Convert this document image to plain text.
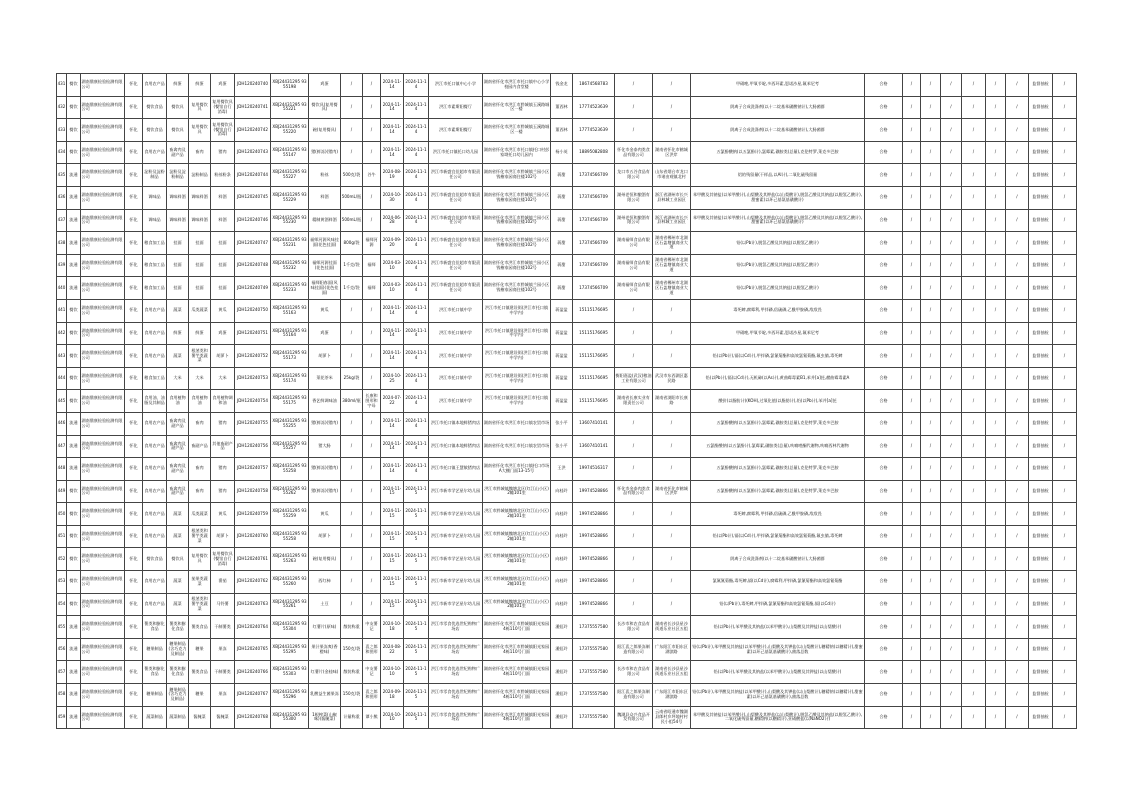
431	餐饮	湖南鼎康检验检测有限公司	怀化	食用农产品	鲜蛋	鲜蛋	鸡蛋	JDH120240740	XBJ24431295 9355198	鸡蛋	/	/	2024-11-14	2024-11-14	洪江市托口镇中心小学	湖南省怀化市洪江市托口镇中心小学校园内食堂楼	钱金龙	18674568783	/	/	甲硝唑,甲氧苄啶,多西环素,恩诺沙星,氟苯尼考	合格	/	/	/	/	/	/	监督抽检	/
432	餐饮	湖南鼎康检验检测有限公司	怀化	餐饮食品	餐饮具	复用餐饮具	复用餐饮具(餐馆自行消毒)	JDH120240741	XBJ24431295 9355221	餐饮具(复用餐具)	/	/	2024-11-14	2024-11-14	洪江市素斯阳餐厅	湖南省怀化市洪江市黔城镇玉溪路城区一楼	董西林	17774523639	/	/	阴离子合成洗涤剂(以十二烷基苯磺酸钠计),大肠菌群	合格	/	/	/	/	/	/	监督抽检	/
433	餐饮	湖南鼎康检验检测有限公司	怀化	餐饮食品	餐饮具	复用餐饮具	复用餐饮具(餐馆自行消毒)	JDH120240742	XBJ24431295 9355220	碗(复用餐具)	/	/	2024-11-14	2024-11-14	洪江市素斯阳餐厅	湖南省怀化市洪江市黔城镇玉溪路城区一楼	董西林	17774523639	/	/	阴离子合成洗涤剂(以十二烷基苯磺酸钠计),大肠菌群	合格	/	/	/	/	/	/	监督抽检	/
434	餐饮	湖南鼎康检验检测有限公司	怀化	食用农产品	畜禽肉及副产品	畜肉	猪肉	JDH120240743	XBJ24431295 9355147	猪(鲜冻)(猪肉)	/	/	2024-11-14	2024-11-14	洪江市托口镇托口幼儿园	湖南省怀化市洪江市托口镇托口村彭家坳托口幼儿园内	杨小英	18895082808	怀化市金泰肉类食品有限公司	湖南省怀化市鹤城区洪岸	五氯酚酸钠(以五氯酚计),氯霉素,磺胺类(总量),克伦特罗,莱克多巴胺	合格	/	/	/	/	/	/	监督抽检	/
435	流通	湖南鼎康检验检测有限公司	怀化	淀粉及淀粉制品	淀粉及淀粉制品	淀粉制品	粉丝粉条	JDH120240744	XBJ24431295 9355227	粉丝	500克/袋	谷牛	2024-08-19	2024-11-14	洪江市新盛宜佳超市有限责任公司	湖南省怀化市洪江市黔城镇兰园小区钱椿家园商住楼102号	蒋甜	17374566709	龙口市五谷食品有限公司	山东省烟台市龙口市诸由观镇北村	铝的残留量(干样品,以Al计),二氧化硫残留量	合格	/	/	/	/	/	/	监督抽检	/
436	流通	湖南鼎康检验检测有限公司	怀化	调味品	调味料酒	调味料酒	料酒	JDH120240745	XBJ24431295 9355229	料酒	500mL/瓶	/	2024-10-30	2024-11-14	洪江市新盛宜佳超市有限责任公司	湖南省怀化市洪江市黔城镇兰园小区钱椿家园商住楼102号	蒋甜	17374566709	湖州老恒和酿酒有限公司	浙江省湖州市长兴县林城工业园区	苯甲酸及其钠盐(以苯甲酸计),山梨酸及其钾盐(以山梨酸计),脱氢乙酸及其钠盐(以脱氢乙酸计),甜蜜素(以环己基氨基磺酸计)	合格	/	/	/	/	/	/	监督抽检	/
437	流通	湖南鼎康检验检测有限公司	怀化	调味品	调味料酒	调味料酒	料酒	JDH120240746	XBJ24431295 9355230	精制黄酒料酒	500mL/瓶	/	2024-06-28	2024-11-14	洪江市新盛宜佳超市有限责任公司	湖南省怀化市洪江市黔城镇兰园小区钱椿家园商住楼102号	蒋甜	17374566709	湖州老恒和酿酒有限公司	浙江省湖州市长兴县林城工业园区	苯甲酸及其钠盐(以苯甲酸计),山梨酸及其钾盐(以山梨酸计),脱氢乙酸及其钠盐(以脱氢乙酸计),甜蜜素(以环己基氨基磺酸计)	合格	/	/	/	/	/	/	监督抽检	/
438	流通	湖南鼎康检验检测有限公司	怀化	粮食加工品	挂面	挂面	挂面	JDH120240747	XBJ24431295 9355231	福师河源风味挂面(花色挂面)	800g/袋	福师河源	2024-09-20	2024-11-14	洪江市新盛宜佳超市有限责任公司	湖南省怀化市洪江市黔城镇兰园小区钱椿家园商住楼102号	蒋甜	17374566709	湖南福师食品有限公司	湖南省郴州市北湖区石盖塘镇商业大道	铅(以Pb计),脱氢乙酸及其钠盐(以脱氢乙酸计)	合格	/	/	/	/	/	/	监督抽检	/
439	流通	湖南鼎康检验检测有限公司	怀化	粮食加工品	挂面	挂面	挂面	JDH120240748	XBJ24431295 9355232	福师河源挂面(花色挂面)	1千克/袋	福师	2024-03-10	2024-11-14	洪江市新盛宜佳超市有限责任公司	湖南省怀化市洪江市黔城镇兰园小区钱椿家园商住楼102号	蒋甜	17374566709	湖南福师食品有限公司	湖南省郴州市北湖区石盖塘镇商业大道	铅(以Pb计),脱氢乙酸及其钠盐(以脱氢乙酸计)	合格	/	/	/	/	/	/	监督抽检	/
440	流通	湖南鼎康检验检测有限公司	怀化	粮食加工品	挂面	挂面	挂面	JDH120240749	XBJ24431295 9355233	福师阳春面(风味挂面)(花色挂面)	1千克/袋	福师	2024-03-10	2024-11-14	洪江市新盛宜佳超市有限责任公司	湖南省怀化市洪江市黔城镇兰园小区钱椿家园商住楼102号	蒋甜	17374566709	湖南福师食品有限公司	湖南省郴州市北湖区石盖塘镇商业大道	铅(以Pb计),脱氢乙酸及其钠盐(以脱氢乙酸计)	合格	/	/	/	/	/	/	监督抽检	/
441	餐饮	湖南鼎康检验检测有限公司	怀化	食用农产品	蔬菜	瓜类蔬菜	黄瓜	JDH120240750	XBJ24431295 9355163	黄瓜	/	/	2024-11-14	2024-11-14	洪江市托口镇中学	洪江市托口镇建设街(洪江市托口镇中学内)	蒋盈盈	15115176695	/	/	毒死蜱,腐霉利,甲拌磷,倍硫磷,乙酰甲胺磷,敌敌畏	合格	/	/	/	/	/	/	监督抽检	/
442	餐饮	湖南鼎康检验检测有限公司	怀化	食用农产品	鲜蛋	鲜蛋	鸡蛋	JDH120240751	XBJ24431295 9355164	鸡蛋	/	/	2024-11-14	2024-11-14	洪江市托口镇中学	洪江市托口镇建设街(洪江市托口镇中学内)	蒋盈盈	15115176695	/	/	甲硝唑,甲氧苄啶,多西环素,恩诺沙星,氟苯尼考	合格	/	/	/	/	/	/	监督抽检	/
443	餐饮	湖南鼎康检验检测有限公司	怀化	食用农产品	蔬菜	根茎类和薯芋类蔬菜	胡萝卜	JDH120240752	XBJ24431295 9355173	胡萝卜	/	/	2024-11-14	2024-11-14	洪江市托口镇中学	洪江市托口镇建设街(洪江市托口镇中学内)	蒋盈盈	15115176695	/	/	铅(以Pb计),镉(以Cd计),甲拌磷,氯氰菊酯和高效氯氰菊酯,氟虫腈,毒死蜱	合格	/	/	/	/	/	/	监督抽检	/
444	餐饮	湖南鼎康检验检测有限公司	怀化	粮食加工品	大米	大米	大米	JDH120240753	XBJ24431295 9355174	莱花茶米	25kg/袋	/	2024-10-25	2024-11-14	洪江市托口镇中学	洪江市托口镇建设街(洪江市托口镇中学内)	蒋盈盈	15115176695	衡阳嘉盈(武汉)粮油工业有限公司	武汉市东西湖区惠民路	铅(以Pb计),镉(以Cd计),无机砷(以As计),黄曲霉毒素B1,苯并[a]芘,赭曲霉毒素A	合格	/	/	/	/	/	/	监督抽检	/
445	餐饮	湖南鼎康检验检测有限公司	怀化	食用油、油脂及其制品	食用植物油	食用植物油	食用植物调和油	JDH120240754	XBJ24431295 9355175	香艺鲜调味油	380ml/瓶	长康和图形和字母	2024-07-22	2024-11-14	洪江市托口镇中学	洪江市托口镇建设街(洪江市托口镇中学内)	蒋盈盈	15115176695	湖南省长康实业有限责任公司	湖南省浏阳市长康路	酸价(以脂肪计)(KOH),过氧化值(以脂肪计),铅(以Pb计),苯并[a]芘	合格	/	/	/	/	/	/	监督抽检	/
446	流通	湖南鼎康检验检测有限公司	怀化	食用农产品	畜禽肉及副产品	畜肉	猪肉	JDH120240755	XBJ24431295 9355255	猪(鲜冻)(猪肉)	/	/	2024-11-14	2024-11-14	洪江市托口镇本地鲜猪肉店	湖南省怀化市洪江市托口镇农贸市场	张小平	13607410141	/	/	五氯酚酸钠(以五氯酚计),氯霉素,磺胺类(总量),克伦特罗,莱克多巴胺	合格	/	/	/	/	/	/	监督抽检	/
447	流通	湖南鼎康检验检测有限公司	怀化	食用农产品	畜禽肉及副产品	畜副产品	其他畜副产品	JDH120240756	XBJ24431295 9355257	猪大肠	/	/	2024-11-14	2024-11-14	洪江市托口镇本地鲜猪肉店	湖南省怀化市洪江市托口镇农贸市场	张小平	13607410141	/	/	五氯酚酸钠(以五氯酚计),氯霉素,磺胺类(总量),呋喃唑酮代谢物,呋喃西林代谢物	合格	/	/	/	/	/	/	监督抽检	/
448	流通	湖南鼎康检验检测有限公司	怀化	食用农产品	畜禽肉及副产品	畜肉	猪肉	JDH120240757	XBJ24431295 9355258	猪(鲜冻)(猪肉)	/	/	2024-11-14	2024-11-14	洪江市托口镇王慧敏猪肉店	湖南省怀化市洪江市托口镇托口市场A大棚门面13-15号	王洪	19974516317	/	/	五氯酚酸钠(以五氯酚计),氯霉素,磺胺类(总量),克伦特罗,莱克多巴胺	合格	/	/	/	/	/	/	监督抽检	/
449	餐饮	湖南鼎康检验检测有限公司	怀化	食用农产品	畜禽肉及副产品	畜肉	猪肉	JDH120240758	XBJ24431295 9355262	猪(鲜冻)(猪肉)	/	/	2024-11-15	2024-11-15	洪江市新市学艺星尔幼儿园	洪江市黔城镇魏塘北区(红江山小区)2幢101室	向桂玲	19974528866	怀化市金泰肉类食品有限公司	湖南省怀化市鹤城区洪岸	五氯酚酸钠(以五氯酚计),氯霉素,磺胺类(总量),克伦特罗,莱克多巴胺	合格	/	/	/	/	/	/	监督抽检	/
450	餐饮	湖南鼎康检验检测有限公司	怀化	食用农产品	蔬菜	瓜类蔬菜	黄瓜	JDH120240759	XBJ24431295 9355259	黄瓜	/	/	2024-11-15	2024-11-15	洪江市新市学艺星尔幼儿园	洪江市黔城镇魏塘北区(红江山小区)2幢101室	向桂玲	19974528866	/	/	毒死蜱,腐霉利,甲拌磷,倍硫磷,乙酰甲胺磷,敌敌畏	合格	/	/	/	/	/	/	监督抽检	/
451	餐饮	湖南鼎康检验检测有限公司	怀化	食用农产品	蔬菜	根茎类和薯芋类蔬菜	胡萝卜	JDH120240760	XBJ24431295 9355258	胡萝卜	/	/	2024-11-15	2024-11-15	洪江市新市学艺星尔幼儿园	洪江市黔城镇魏塘北区(红江山小区)2幢101室	向桂玲	19974528866	/	/	铅(以Pb计),镉(以Cd计),甲拌磷,氯氰菊酯和高效氯氰菊酯,氟虫腈,毒死蜱	合格	/	/	/	/	/	/	监督抽检	/
452	餐饮	湖南鼎康检验检测有限公司	怀化	餐饮食品	餐饮具	复用餐饮具	复用餐饮具(餐馆自行消毒)	JDH120240761	XBJ24431295 9355263	碗(复用餐具)	/	/	2024-11-15	2024-11-15	洪江市新市学艺星尔幼儿园	洪江市黔城镇魏塘北区(红江山小区)2幢101室	向桂玲	19974528866	/	/	阴离子合成洗涤剂(以十二烷基苯磺酸钠计),大肠菌群	合格	/	/	/	/	/	/	监督抽检	/
453	餐饮	湖南鼎康检验检测有限公司	怀化	食用农产品	蔬菜	茄果类蔬菜	番茄	JDH120240762	XBJ24431295 9355260	西红柿	/	/	2024-11-15	2024-11-15	洪江市新市学艺星尔幼儿园	洪江市黔城镇魏塘北区(红江山小区)2幢101室	向桂玲	19974528866	/	/	氯氟氰菊酯,毒死蜱,镉(以Cd计),腐霉利,甲拌磷,氯氰菊酯和高效氯氰菊酯	合格	/	/	/	/	/	/	监督抽检	/
454	餐饮	湖南鼎康检验检测有限公司	怀化	食用农产品	蔬菜	根茎类和薯芋类蔬菜	马铃薯	JDH120240763	XBJ24431295 9355261	土豆	/	/	2024-11-15	2024-11-15	洪江市新市学艺星尔幼儿园	洪江市黔城镇魏塘北区(红江山小区)2幢101室	向桂玲	19974528866	/	/	铅(以Pb计),毒死蜱,甲拌磷,氯氰菊酯和高效氯氰菊酯,镉(以Cd计)	合格	/	/	/	/	/	/	监督抽检	/
455	流通	湖南鼎康检验检测有限公司	怀化	薯类和膨化食品	薯类和膨化食品	薯类食品	干制薯类	JDH120240764	XBJ24431295 9355304	红薯片(原味)	散装称重	中友薯记	2024-10-18	2024-11-15	洪江市零食优选世纪购物广场店	湖南省怀化市洪江市黔城镇阳光家园4栋110号门面	潘虹玲	17375557580	长沙市和农食品有限公司	湖南省长沙县星沙街道乐业社区五组	铅(以Pb计),苯甲酸及其钠盐(以苯甲酸计),山梨酸及其钾盐(以山梨酸计)	合格	/	/	/	/	/	/	监督抽检	/
456	流通	湖南鼎康检验检测有限公司	怀化	糖果制品	糖果制品(含巧克力及制品)	糖果	果冻	JDH120240765	XBJ24431295 9355295	果汁果冻爽(香橙味)	150克/袋	喜之郎和图形	2024-08-22	2024-11-15	洪江市零食优选世纪购物广场店	湖南省怀化市洪江市黔城镇阳光家园4栋110号门面	潘虹玲	17375557580	阳江喜之郎果冻制造有限公司	广东阳江市阳东区湖滨路	铅(以Pb计),苯甲酸及其钠盐(以苯甲酸计),山梨酸及其钾盐(以山梨酸计),糖精钠(以糖精计),甜蜜素(以环己基氨基磺酸计),菌落总数	合格	/	/	/	/	/	/	监督抽检	/
457	流通	湖南鼎康检验检测有限公司	怀化	薯类和膨化食品	薯类和膨化食品	薯类食品	干制薯类	JDH120240766	XBJ24431295 9355303	红薯片(金桂味)	散装称重	中友薯记	2024-10-10	2024-11-15	洪江市零食优选世纪购物广场店	湖南省怀化市洪江市黔城镇阳光家园4栋110号门面	潘虹玲	17375557580	长沙市和农食品有限公司	湖南省长沙县星沙街道乐业社区五组	铅(以Pb计),苯甲酸及其钠盐(以苯甲酸计),山梨酸及其钾盐(以山梨酸计)	合格	/	/	/	/	/	/	监督抽检	/
458	流通	湖南鼎康检验检测有限公司	怀化	糖果制品	糖果制品(含巧克力及制品)	糖果	果冻	JDH120240767	XBJ24431295 9355296	乳酸益生菌果冻	150克/袋	喜之郎和图形	2024-09-18	2024-11-15	洪江市零食优选世纪购物广场店	湖南省怀化市洪江市黔城镇阳光家园4栋110号门面	潘虹玲	17375557580	阳江喜之郎果冻制造有限公司	广东阳江市阳东区湖滨路	铅(以Pb计),苯甲酸及其钠盐(以苯甲酸计),山梨酸及其钾盐(以山梨酸计),糖精钠(以糖精计),甜蜜素(以环己基氨基磺酸计),菌落总数	合格	/	/	/	/	/	/	监督抽检	/
459	流通	湖南鼎康检验检测有限公司	怀化	蔬菜制品	蔬菜制品	酱腌菜	酱腌菜	JDH120240768	XBJ24431295 9355300	1根榨菜(山椒味)(酱腌菜)	计量称重	谭小熊	2024-10-10	2024-11-15	洪江市零食优选世纪购物广场店	湖南省怀化市洪江市黔城镇阳光家园4栋110号门面	潘虹玲	17375557580	魏湖县众兴食品开发有限公司	云南省昭通市魏湖县郎村乡坪地村村民小组54号	苯甲酸及其钠盐(以苯甲酸计),山梨酸及其钾盐(以山梨酸计),脱氢乙酸及其钠盐(以脱氢乙酸计),二氧化硫残留量,糖精钠(以糖精计),亚硝酸盐(以NaNO2计)	合格	/	/	/	/	/	/	监督抽检	/
